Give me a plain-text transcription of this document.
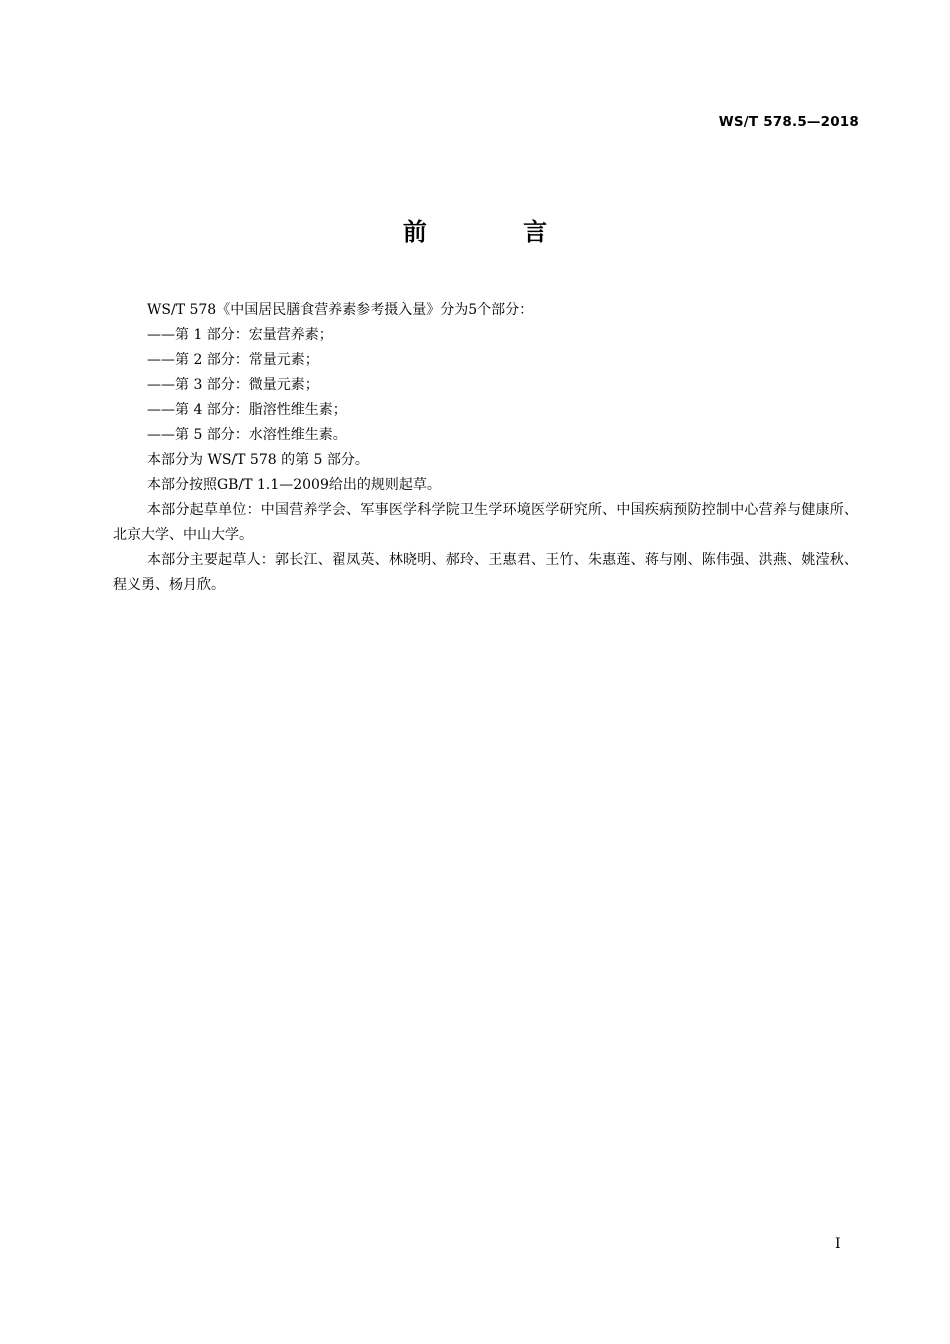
WS/T 578.5—2018
前 言

WS/T 578《中国居民膳食营养素参考摄入量》分为5个部分：

——第 1 部分：宏量营养素；

——第 2 部分：常量元素；

——第 3 部分：微量元素；

——第 4 部分：脂溶性维生素；

——第 5 部分：水溶性维生素。

本部分为 WS/T 578 的第 5 部分。

本部分按照GB/T 1.1—2009给出的规则起草。

本部分起草单位：中国营养学会、军事医学科学院卫生学环境医学研究所、中国疾病预防控制中心营养与健康所、北京大学、中山大学。

本部分主要起草人：郭长江、翟凤英、林晓明、郝玲、王惠君、王竹、朱惠莲、蒋与刚、陈伟强、洪燕、姚滢秋、程义勇、杨月欣。

I
